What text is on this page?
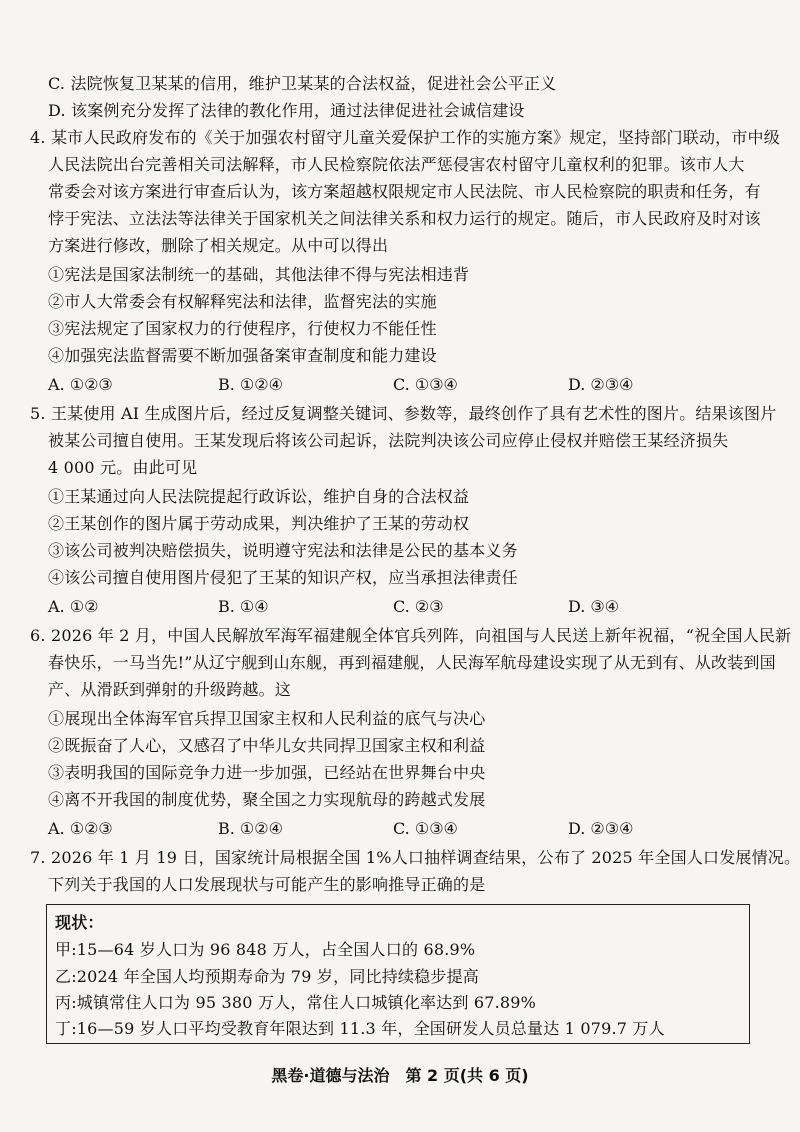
C. 法院恢复卫某某的信用，维护卫某某的合法权益，促进社会公平正义
D. 该案例充分发挥了法律的教化作用，通过法律促进社会诚信建设
4. 某市人民政府发布的《关于加强农村留守儿童关爱保护工作的实施方案》规定，坚持部门联动，市中级
人民法院出台完善相关司法解释，市人民检察院依法严惩侵害农村留守儿童权利的犯罪。该市人大
常委会对该方案进行审查后认为，该方案超越权限规定市人民法院、市人民检察院的职责和任务，有
悖于宪法、立法法等法律关于国家机关之间法律关系和权力运行的规定。随后，市人民政府及时对该
方案进行修改，删除了相关规定。从中可以得出
①宪法是国家法制统一的基础，其他法律不得与宪法相违背
②市人大常委会有权解释宪法和法律，监督宪法的实施
③宪法规定了国家权力的行使程序，行使权力不能任性
④加强宪法监督需要不断加强备案审查制度和能力建设
A. ①②③	B. ①②④	C. ①③④	D. ②③④
5. 王某使用 AI 生成图片后，经过反复调整关键词、参数等，最终创作了具有艺术性的图片。结果该图片
被某公司擅自使用。王某发现后将该公司起诉，法院判决该公司应停止侵权并赔偿王某经济损失
4 000 元。由此可见
①王某通过向人民法院提起行政诉讼，维护自身的合法权益
②王某创作的图片属于劳动成果，判决维护了王某的劳动权
③该公司被判决赔偿损失，说明遵守宪法和法律是公民的基本义务
④该公司擅自使用图片侵犯了王某的知识产权，应当承担法律责任
A. ①②	B. ①④	C. ②③	D. ③④
6. 2026 年 2 月，中国人民解放军海军福建舰全体官兵列阵，向祖国与人民送上新年祝福，“祝全国人民新
春快乐，一马当先!”从辽宁舰到山东舰，再到福建舰，人民海军航母建设实现了从无到有、从改装到国
产、从滑跃到弹射的升级跨越。这
①展现出全体海军官兵捍卫国家主权和人民利益的底气与决心
②既振奋了人心，又感召了中华儿女共同捍卫国家主权和利益
③表明我国的国际竞争力进一步加强，已经站在世界舞台中央
④离不开我国的制度优势，聚全国之力实现航母的跨越式发展
A. ①②③	B. ①②④	C. ①③④	D. ②③④
7. 2026 年 1 月 19 日，国家统计局根据全国 1%人口抽样调查结果，公布了 2025 年全国人口发展情况。
下列关于我国的人口发展现状与可能产生的影响推导正确的是
现状：
甲:15—64 岁人口为 96 848 万人，占全国人口的 68.9%
乙:2024 年全国人均预期寿命为 79 岁，同比持续稳步提高
丙:城镇常住人口为 95 380 万人，常住人口城镇化率达到 67.89%
丁:16—59 岁人口平均受教育年限达到 11.3 年，全国研发人员总量达 1 079.7 万人
黑卷·道德与法治　第 2 页(共 6 页)
